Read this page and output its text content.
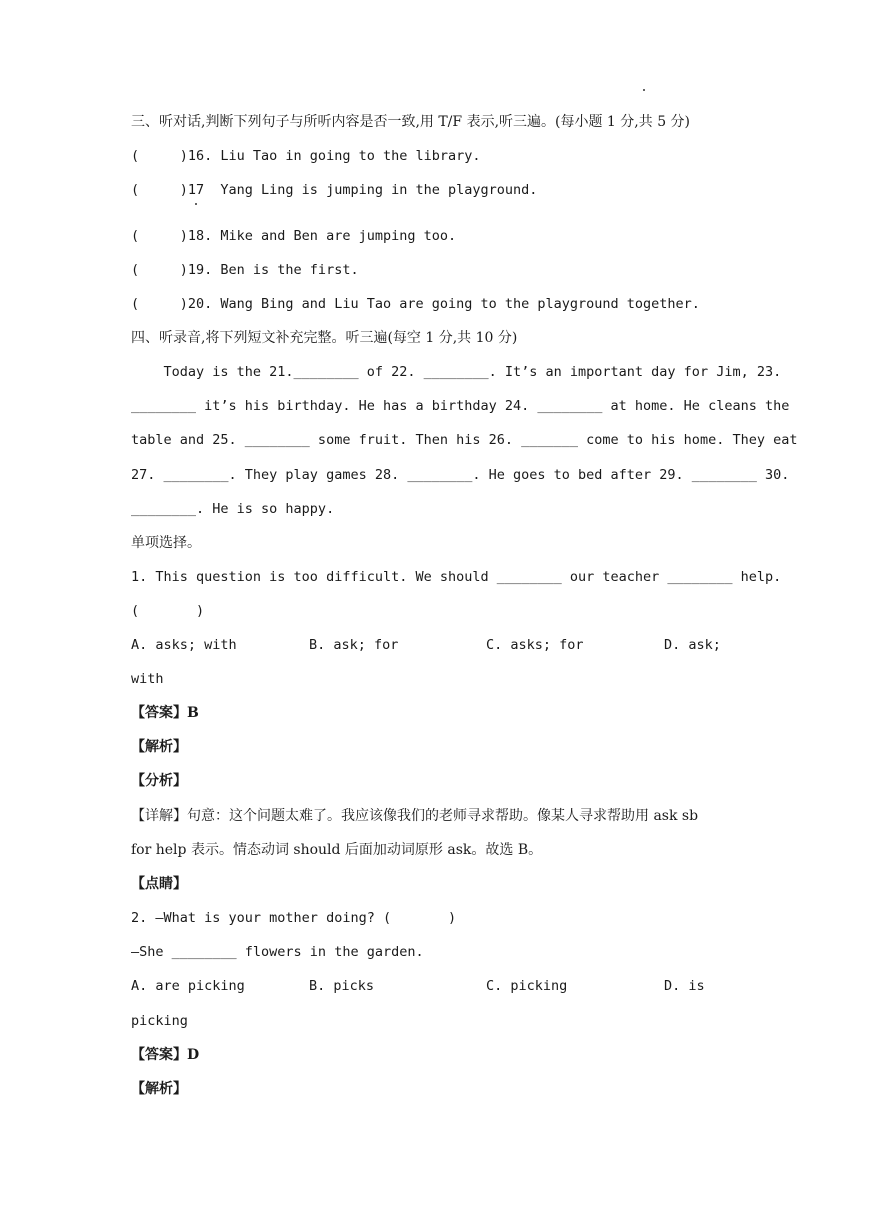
三、听对话,判断下列句子与所听内容是否一致,用 T/F 表示,听三遍。(每小题 1 分,共 5 分)
(     )16. Liu Tao in going to the library.
(     )17  Yang Ling is jumping in the playground.
(     )18. Mike and Ben are jumping too.
(     )19. Ben is the first.
(     )20. Wang Bing and Liu Tao are going to the playground together.
四、听录音,将下列短文补充完整。听三遍(每空 1 分,共 10 分)
Today is the 21.________ of 22. ________. It’s an important day for Jim, 23.
________ it’s his birthday. He has a birthday 24. ________ at home. He cleans the
table and 25. ________ some fruit. Then his 26. _______ come to his home. They eat
27. ________. They play games 28. ________. He goes to bed after 29. ________ 30.
________. He is so happy.
单项选择。
1. This question is too difficult. We should ________ our teacher ________ help.
(       )
A. asks; with	B. ask; for	C. asks; for	D. ask;
with
【答案】B
【解析】
【分析】
【详解】句意：这个问题太难了。我应该像我们的老师寻求帮助。像某人寻求帮助用 ask sb
for help 表示。情态动词 should 后面加动词原形 ask。故选 B。
【点睛】
2. —What is your mother doing? (       )
—She ________ flowers in the garden.
A. are picking	B. picks	C. picking	D. is
picking
【答案】D
【解析】
